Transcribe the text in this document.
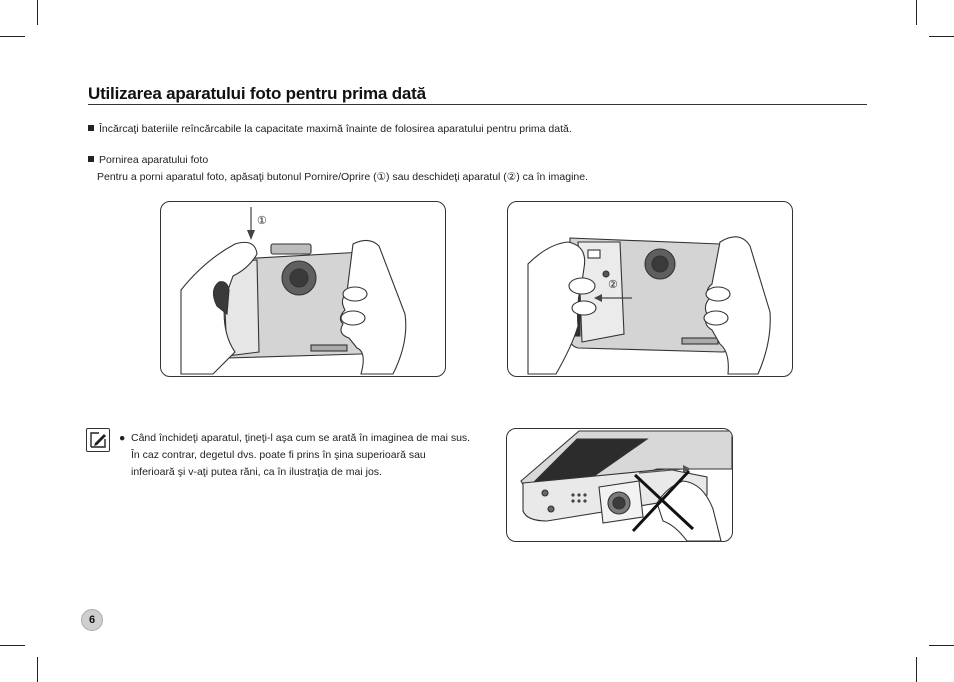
Utilizarea aparatului foto pentru prima dată
Încărcaţi bateriile reîncărcabile la capacitate maximă înainte de folosirea aparatului pentru prima dată.
Pornirea aparatului foto
Pentru a porni aparatul foto, apăsaţi butonul Pornire/Oprire (①) sau deschideţi aparatul (②) ca în imagine.
①
②
● Când închideţi aparatul, ţineţi-l aşa cum se arată în imaginea de mai sus. În caz contrar, degetul dvs. poate fi prins în şina superioară sau inferioară şi v-aţi putea răni, ca în ilustraţia de mai jos.
6
